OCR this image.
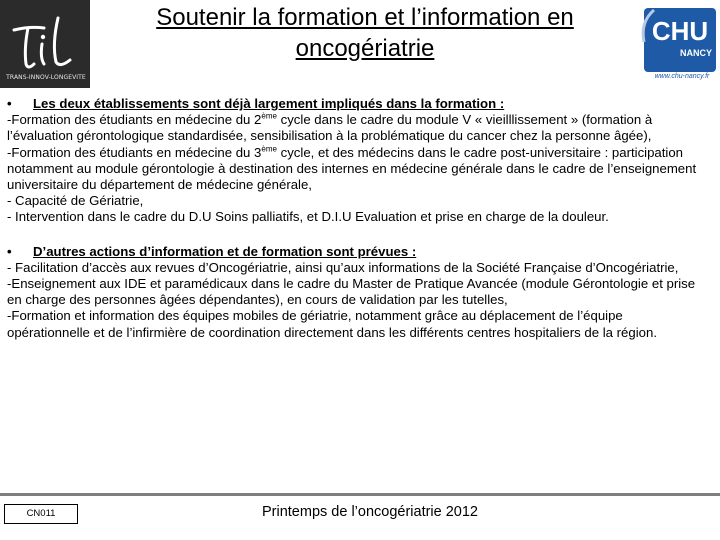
TRANS-INNOV-LONGÉVITÉ
Soutenir la formation et l’information en
oncogériatrie
CHU
NANCY
www.chu-nancy.fr

• Les deux établissements sont déjà largement impliqués dans la formation :

-Formation des étudiants en médecine du 2ème cycle dans le cadre du module V « vieilllissement » (formation à l’évaluation gérontologique standardisée, sensibilisation à la problématique du cancer chez la personne âgée),

-Formation des étudiants en médecine du 3ème cycle, et des médecins dans le cadre post-universitaire : participation notamment au module gérontologie à destination des internes en médecine générale dans le cadre de l’enseignement universitaire du département de médecine générale,

- Capacité de Gériatrie,

- Intervention dans le cadre du D.U Soins palliatifs, et D.I.U Evaluation et prise en charge de la douleur.

• D’autres actions d’information et de formation sont prévues :

- Facilitation d’accès aux revues d’Oncogériatrie, ainsi qu’aux informations de la Société Française d’Oncogériatrie,

-Enseignement aux IDE et paramédicaux dans le cadre du Master de Pratique Avancée (module Gérontologie et prise en charge des personnes âgées dépendantes), en cours de validation par les tutelles,

-Formation et information des équipes mobiles de gériatrie, notamment grâce au déplacement de l’équipe opérationnelle et de l’infirmière de coordination directement dans les différents centres hospitaliers de la région.

CN011	Printemps de l’oncogériatrie 2012
